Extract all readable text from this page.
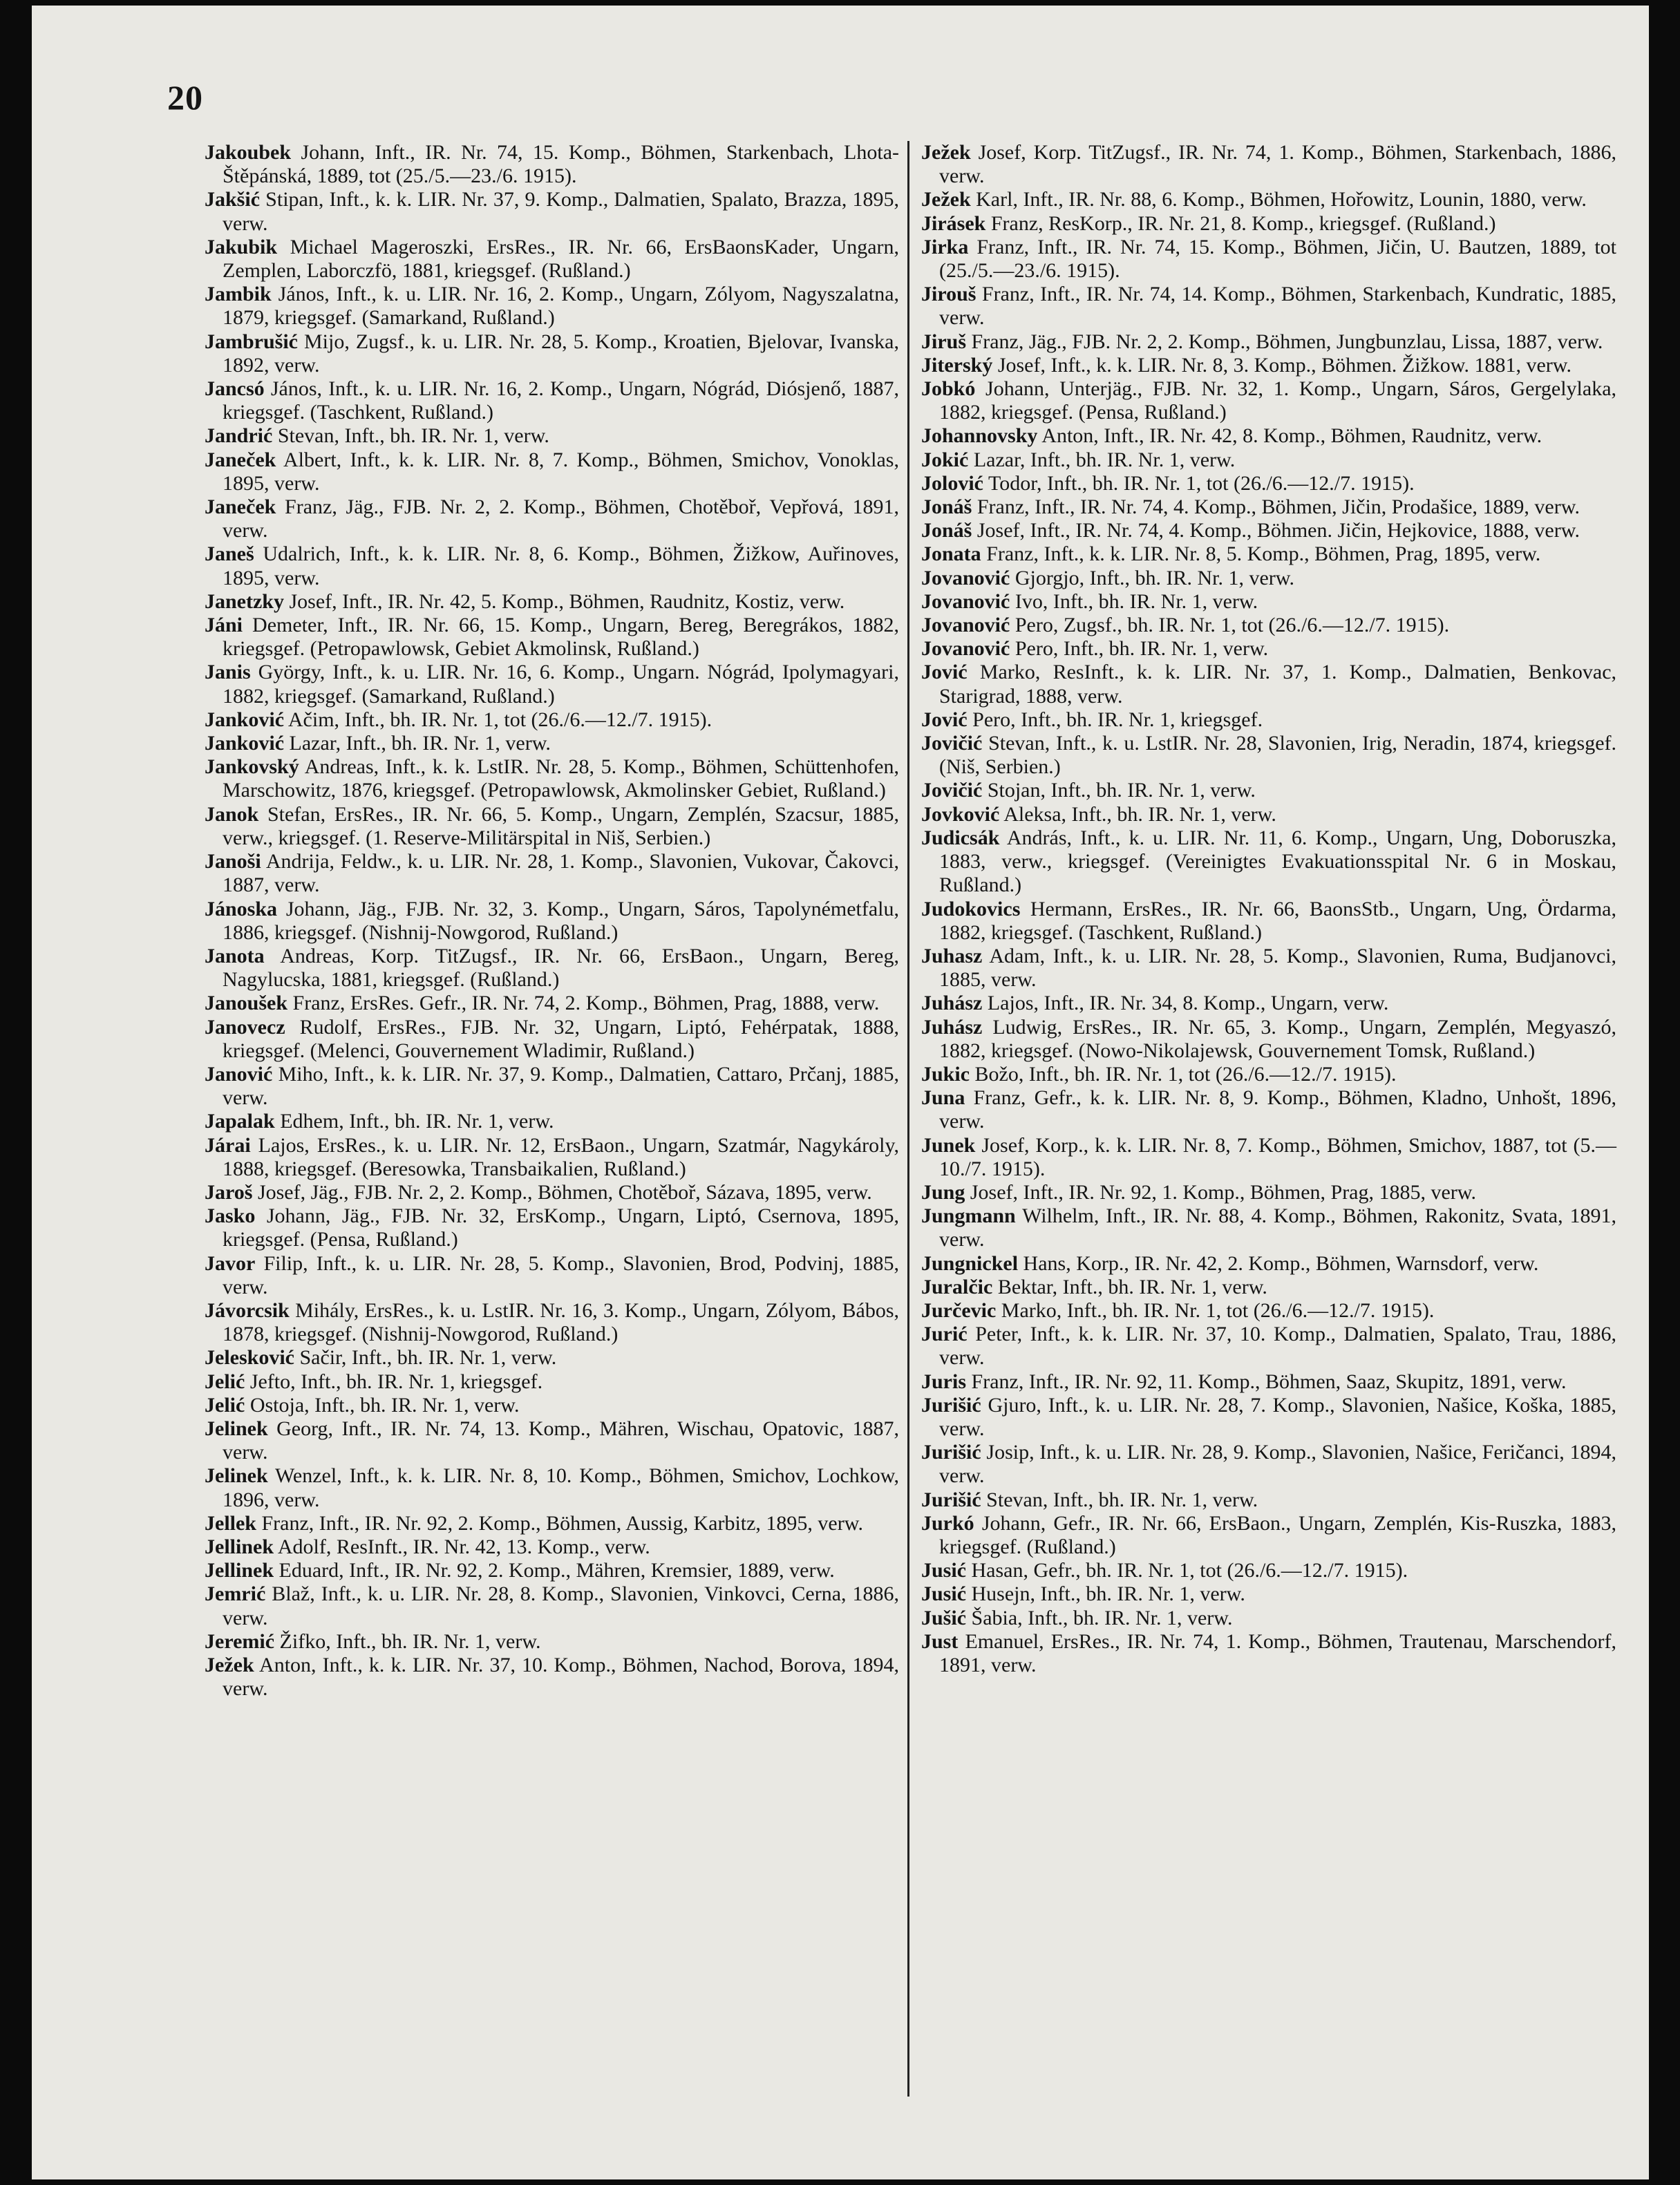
20
Jakoubek Johann, Inft., IR. Nr. 74, 15. Komp., Böhmen, Starkenbach, Lhota-Štěpánská, 1889, tot (25./5.—23./6. 1915).
Jakšić Stipan, Inft., k. k. LIR. Nr. 37, 9. Komp., Dalmatien, Spalato, Brazza, 1895, verw.
Jakubik Michael Mageroszki, ErsRes., IR. Nr. 66, ErsBaonsKader, Ungarn, Zemplen, Laborczfö, 1881, kriegsgef. (Rußland.)
Jambik János, Inft., k. u. LIR. Nr. 16, 2. Komp., Ungarn, Zólyom, Nagyszalatna, 1879, kriegsgef. (Samarkand, Rußland.)
Jambrušić Mijo, Zugsf., k. u. LIR. Nr. 28, 5. Komp., Kroatien, Bjelovar, Ivanska, 1892, verw.
Jancsó János, Inft., k. u. LIR. Nr. 16, 2. Komp., Ungarn, Nógrád, Diósjenő, 1887, kriegsgef. (Taschkent, Rußland.)
Jandrić Stevan, Inft., bh. IR. Nr. 1, verw.
Janeček Albert, Inft., k. k. LIR. Nr. 8, 7. Komp., Böhmen, Smichov, Vonoklas, 1895, verw.
Janeček Franz, Jäg., FJB. Nr. 2, 2. Komp., Böhmen, Chotěboř, Vepřová, 1891, verw.
Janeš Udalrich, Inft., k. k. LIR. Nr. 8, 6. Komp., Böhmen, Žižkow, Auřinoves, 1895, verw.
Janetzky Josef, Inft., IR. Nr. 42, 5. Komp., Böhmen, Raudnitz, Kostiz, verw.
Jáni Demeter, Inft., IR. Nr. 66, 15. Komp., Ungarn, Bereg, Beregrákos, 1882, kriegsgef. (Petropawlowsk, Gebiet Akmolinsk, Rußland.)
Janis György, Inft., k. u. LIR. Nr. 16, 6. Komp., Ungarn. Nógrád, Ipolymagyari, 1882, kriegsgef. (Samarkand, Rußland.)
Janković Ačim, Inft., bh. IR. Nr. 1, tot (26./6.—12./7. 1915).
Janković Lazar, Inft., bh. IR. Nr. 1, verw.
Jankovský Andreas, Inft., k. k. LstIR. Nr. 28, 5. Komp., Böhmen, Schüttenhofen, Marschowitz, 1876, kriegsgef. (Petropawlowsk, Akmolinsker Gebiet, Rußland.)
Janok Stefan, ErsRes., IR. Nr. 66, 5. Komp., Ungarn, Zemplén, Szacsur, 1885, verw., kriegsgef. (1. Reserve-Militärspital in Niš, Serbien.)
Janoši Andrija, Feldw., k. u. LIR. Nr. 28, 1. Komp., Slavonien, Vukovar, Čakovci, 1887, verw.
Jánoska Johann, Jäg., FJB. Nr. 32, 3. Komp., Ungarn, Sáros, Tapolynémetfalu, 1886, kriegsgef. (Nishnij-Nowgorod, Rußland.)
Janota Andreas, Korp. TitZugsf., IR. Nr. 66, ErsBaon., Ungarn, Bereg, Nagylucska, 1881, kriegsgef. (Rußland.)
Janoušek Franz, ErsRes. Gefr., IR. Nr. 74, 2. Komp., Böhmen, Prag, 1888, verw.
Janovecz Rudolf, ErsRes., FJB. Nr. 32, Ungarn, Liptó, Fehérpatak, 1888, kriegsgef. (Melenci, Gouvernement Wladimir, Rußland.)
Janović Miho, Inft., k. k. LIR. Nr. 37, 9. Komp., Dalmatien, Cattaro, Prčanj, 1885, verw.
Japalak Edhem, Inft., bh. IR. Nr. 1, verw.
Járai Lajos, ErsRes., k. u. LIR. Nr. 12, ErsBaon., Ungarn, Szatmár, Nagykároly, 1888, kriegsgef. (Beresowka, Transbaikalien, Rußland.)
Jaroš Josef, Jäg., FJB. Nr. 2, 2. Komp., Böhmen, Chotěboř, Sázava, 1895, verw.
Jasko Johann, Jäg., FJB. Nr. 32, ErsKomp., Ungarn, Liptó, Csernova, 1895, kriegsgef. (Pensa, Rußland.)
Javor Filip, Inft., k. u. LIR. Nr. 28, 5. Komp., Slavonien, Brod, Podvinj, 1885, verw.
Jávorcsik Mihály, ErsRes., k. u. LstIR. Nr. 16, 3. Komp., Ungarn, Zólyom, Bábos, 1878, kriegsgef. (Nishnij-Nowgorod, Rußland.)
Jelesković Sačir, Inft., bh. IR. Nr. 1, verw.
Jelić Jefto, Inft., bh. IR. Nr. 1, kriegsgef.
Jelić Ostoja, Inft., bh. IR. Nr. 1, verw.
Jelinek Georg, Inft., IR. Nr. 74, 13. Komp., Mähren, Wischau, Opatovic, 1887, verw.
Jelinek Wenzel, Inft., k. k. LIR. Nr. 8, 10. Komp., Böhmen, Smichov, Lochkow, 1896, verw.
Jellek Franz, Inft., IR. Nr. 92, 2. Komp., Böhmen, Aussig, Karbitz, 1895, verw.
Jellinek Adolf, ResInft., IR. Nr. 42, 13. Komp., verw.
Jellinek Eduard, Inft., IR. Nr. 92, 2. Komp., Mähren, Kremsier, 1889, verw.
Jemrić Blaž, Inft., k. u. LIR. Nr. 28, 8. Komp., Slavonien, Vinkovci, Cerna, 1886, verw.
Jeremić Žifko, Inft., bh. IR. Nr. 1, verw.
Ježek Anton, Inft., k. k. LIR. Nr. 37, 10. Komp., Böhmen, Nachod, Borova, 1894, verw.
Ježek Josef, Korp. TitZugsf., IR. Nr. 74, 1. Komp., Böhmen, Starkenbach, 1886, verw.
Ježek Karl, Inft., IR. Nr. 88, 6. Komp., Böhmen, Hořowitz, Lounin, 1880, verw.
Jirásek Franz, ResKorp., IR. Nr. 21, 8. Komp., kriegsgef. (Rußland.)
Jirka Franz, Inft., IR. Nr. 74, 15. Komp., Böhmen, Jičin, U. Bautzen, 1889, tot (25./5.—23./6. 1915).
Jirouš Franz, Inft., IR. Nr. 74, 14. Komp., Böhmen, Starkenbach, Kundratic, 1885, verw.
Jiruš Franz, Jäg., FJB. Nr. 2, 2. Komp., Böhmen, Jungbunzlau, Lissa, 1887, verw.
Jiterský Josef, Inft., k. k. LIR. Nr. 8, 3. Komp., Böhmen. Žižkow. 1881, verw.
Jobkó Johann, Unterjäg., FJB. Nr. 32, 1. Komp., Ungarn, Sáros, Gergelylaka, 1882, kriegsgef. (Pensa, Rußland.)
Johannovsky Anton, Inft., IR. Nr. 42, 8. Komp., Böhmen, Raudnitz, verw.
Jokić Lazar, Inft., bh. IR. Nr. 1, verw.
Jolović Todor, Inft., bh. IR. Nr. 1, tot (26./6.—12./7. 1915).
Jonáš Franz, Inft., IR. Nr. 74, 4. Komp., Böhmen, Jičin, Prodašice, 1889, verw.
Jonáš Josef, Inft., IR. Nr. 74, 4. Komp., Böhmen. Jičin, Hejkovice, 1888, verw.
Jonata Franz, Inft., k. k. LIR. Nr. 8, 5. Komp., Böhmen, Prag, 1895, verw.
Jovanović Gjorgjo, Inft., bh. IR. Nr. 1, verw.
Jovanović Ivo, Inft., bh. IR. Nr. 1, verw.
Jovanović Pero, Zugsf., bh. IR. Nr. 1, tot (26./6.—12./7. 1915).
Jovanović Pero, Inft., bh. IR. Nr. 1, verw.
Jović Marko, ResInft., k. k. LIR. Nr. 37, 1. Komp., Dalmatien, Benkovac, Starigrad, 1888, verw.
Jović Pero, Inft., bh. IR. Nr. 1, kriegsgef.
Jovičić Stevan, Inft., k. u. LstIR. Nr. 28, Slavonien, Irig, Neradin, 1874, kriegsgef. (Niš, Serbien.)
Jovičić Stojan, Inft., bh. IR. Nr. 1, verw.
Jovković Aleksa, Inft., bh. IR. Nr. 1, verw.
Judicsák András, Inft., k. u. LIR. Nr. 11, 6. Komp., Ungarn, Ung, Doboruszka, 1883, verw., kriegsgef. (Vereinigtes Evakuationsspital Nr. 6 in Moskau, Rußland.)
Judokovics Hermann, ErsRes., IR. Nr. 66, BaonsStb., Ungarn, Ung, Ördarma, 1882, kriegsgef. (Taschkent, Rußland.)
Juhasz Adam, Inft., k. u. LIR. Nr. 28, 5. Komp., Slavonien, Ruma, Budjanovci, 1885, verw.
Juhász Lajos, Inft., IR. Nr. 34, 8. Komp., Ungarn, verw.
Juhász Ludwig, ErsRes., IR. Nr. 65, 3. Komp., Ungarn, Zemplén, Megyaszó, 1882, kriegsgef. (Nowo-Nikolajewsk, Gouvernement Tomsk, Rußland.)
Jukic Božo, Inft., bh. IR. Nr. 1, tot (26./6.—12./7. 1915).
Juna Franz, Gefr., k. k. LIR. Nr. 8, 9. Komp., Böhmen, Kladno, Unhošt, 1896, verw.
Junek Josef, Korp., k. k. LIR. Nr. 8, 7. Komp., Böhmen, Smichov, 1887, tot (5.—10./7. 1915).
Jung Josef, Inft., IR. Nr. 92, 1. Komp., Böhmen, Prag, 1885, verw.
Jungmann Wilhelm, Inft., IR. Nr. 88, 4. Komp., Böhmen, Rakonitz, Svata, 1891, verw.
Jungnickel Hans, Korp., IR. Nr. 42, 2. Komp., Böhmen, Warnsdorf, verw.
Juralčic Bektar, Inft., bh. IR. Nr. 1, verw.
Jurčevic Marko, Inft., bh. IR. Nr. 1, tot (26./6.—12./7. 1915).
Jurić Peter, Inft., k. k. LIR. Nr. 37, 10. Komp., Dalmatien, Spalato, Trau, 1886, verw.
Juris Franz, Inft., IR. Nr. 92, 11. Komp., Böhmen, Saaz, Skupitz, 1891, verw.
Jurišić Gjuro, Inft., k. u. LIR. Nr. 28, 7. Komp., Slavonien, Našice, Koška, 1885, verw.
Jurišić Josip, Inft., k. u. LIR. Nr. 28, 9. Komp., Slavonien, Našice, Feričanci, 1894, verw.
Jurišić Stevan, Inft., bh. IR. Nr. 1, verw.
Jurkó Johann, Gefr., IR. Nr. 66, ErsBaon., Ungarn, Zemplén, Kis-Ruszka, 1883, kriegsgef. (Rußland.)
Jusić Hasan, Gefr., bh. IR. Nr. 1, tot (26./6.—12./7. 1915).
Jusić Husejn, Inft., bh. IR. Nr. 1, verw.
Jušić Šabia, Inft., bh. IR. Nr. 1, verw.
Just Emanuel, ErsRes., IR. Nr. 74, 1. Komp., Böhmen, Trautenau, Marschendorf, 1891, verw.
